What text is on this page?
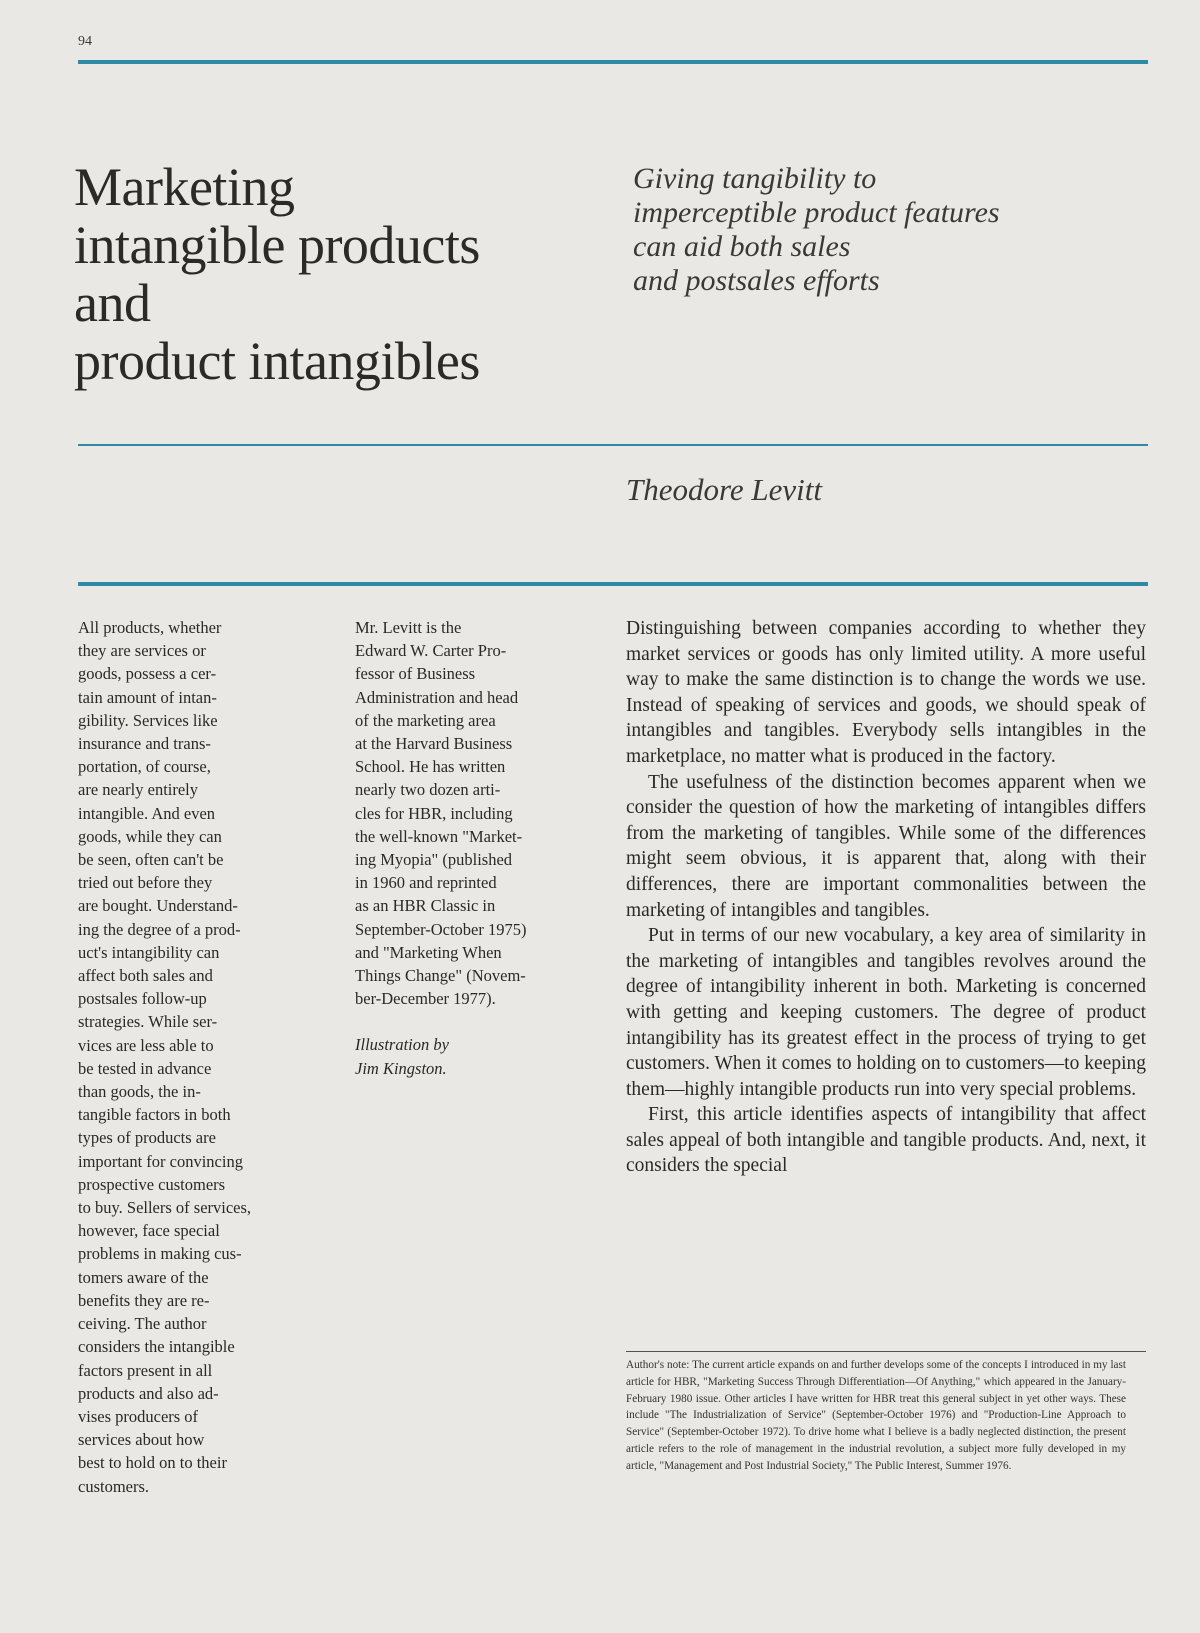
94
Marketing
intangible products
and
product intangibles
Giving tangibility to
imperceptible product features
can aid both sales
and postsales efforts
Theodore Levitt
All products, whether
they are services or
goods, possess a cer-
tain amount of intan-
gibility. Services like
insurance and trans-
portation, of course,
are nearly entirely
intangible. And even
goods, while they can
be seen, often can't be
tried out before they
are bought. Understand-
ing the degree of a prod-
uct's intangibility can
affect both sales and
postsales follow-up
strategies. While ser-
vices are less able to
be tested in advance
than goods, the in-
tangible factors in both
types of products are
important for convincing
prospective customers
to buy. Sellers of services,
however, face special
problems in making cus-
tomers aware of the
benefits they are re-
ceiving. The author
considers the intangible
factors present in all
products and also ad-
vises producers of
services about how
best to hold on to their
customers.
Mr. Levitt is the
Edward W. Carter Pro-
fessor of Business
Administration and head
of the marketing area
at the Harvard Business
School. He has written
nearly two dozen arti-
cles for HBR, including
the well-known "Market-
ing Myopia" (published
in 1960 and reprinted
as an HBR Classic in
September-October 1975)
and "Marketing When
Things Change" (Novem-
ber-December 1977).
Illustration by
Jim Kingston.

Distinguishing between companies according to whether they market services or goods has only limited utility. A more useful way to make the same distinction is to change the words we use. Instead of speaking of services and goods, we should speak of intangibles and tangibles. Everybody sells intangibles in the marketplace, no matter what is produced in the factory.

The usefulness of the distinction becomes apparent when we consider the question of how the marketing of intangibles differs from the marketing of tangibles. While some of the differences might seem obvious, it is apparent that, along with their differences, there are important commonalities between the marketing of intangibles and tangibles.

Put in terms of our new vocabulary, a key area of similarity in the marketing of intangibles and tangibles revolves around the degree of intangibility inherent in both. Marketing is concerned with getting and keeping customers. The degree of product intangibility has its greatest effect in the process of trying to get customers. When it comes to holding on to customers—to keeping them—highly intangible products run into very special problems.

First, this article identifies aspects of intangibility that affect sales appeal of both intangible and tangible products. And, next, it considers the special

Author's note: The current article expands on and further develops some of the concepts I introduced in my last article for HBR, "Marketing Success Through Differentiation—Of Anything," which appeared in the January-February 1980 issue. Other articles I have written for HBR treat this general subject in yet other ways. These include "The Industrialization of Service" (September-October 1976) and "Production-Line Approach to Service" (September-October 1972). To drive home what I believe is a badly neglected distinction, the present article refers to the role of management in the industrial revolution, a subject more fully developed in my article, "Management and Post Industrial Society," The Public Interest, Summer 1976.
